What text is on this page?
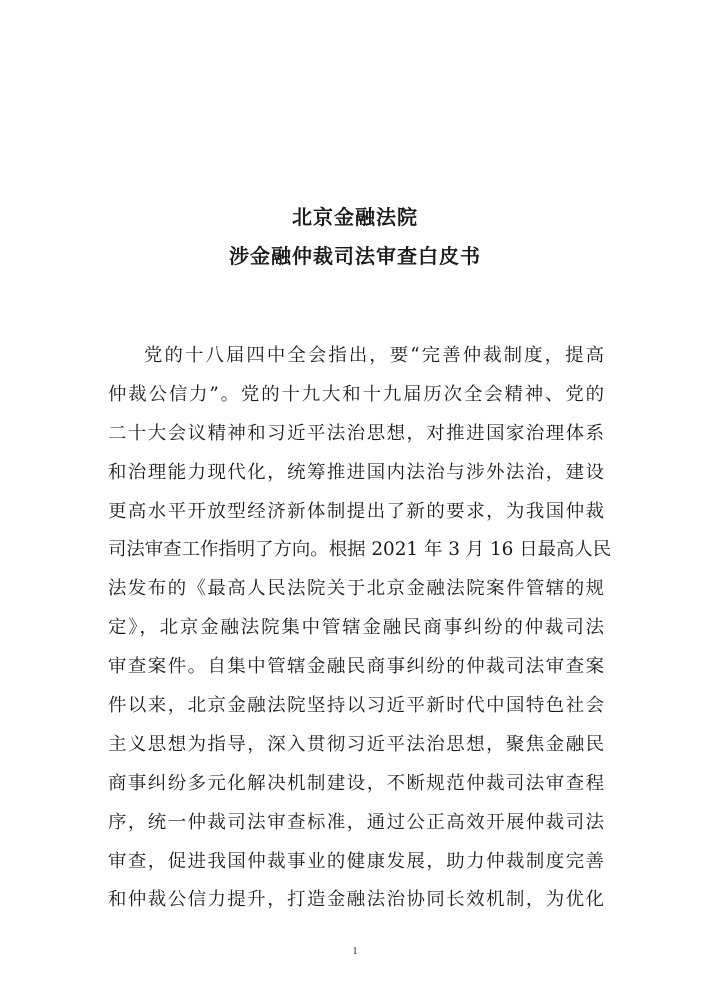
北京金融法院
涉金融仲裁司法审查白皮书
党的十八届四中全会指出，要“完善仲裁制度，提高
仲裁公信力”。党的十九大和十九届历次全会精神、党的
二十大会议精神和习近平法治思想，对推进国家治理体系
和治理能力现代化，统筹推进国内法治与涉外法治，建设
更高水平开放型经济新体制提出了新的要求，为我国仲裁
司法审查工作指明了方向。根据 2021 年 3 月 16 日最高人民
法发布的《最高人民法院关于北京金融法院案件管辖的规
定》，北京金融法院集中管辖金融民商事纠纷的仲裁司法
审查案件。自集中管辖金融民商事纠纷的仲裁司法审查案
件以来，北京金融法院坚持以习近平新时代中国特色社会
主义思想为指导，深入贯彻习近平法治思想，聚焦金融民
商事纠纷多元化解决机制建设，不断规范仲裁司法审查程
序，统一仲裁司法审查标准，通过公正高效开展仲裁司法
审查，促进我国仲裁事业的健康发展，助力仲裁制度完善
和仲裁公信力提升，打造金融法治协同长效机制，为优化
1
